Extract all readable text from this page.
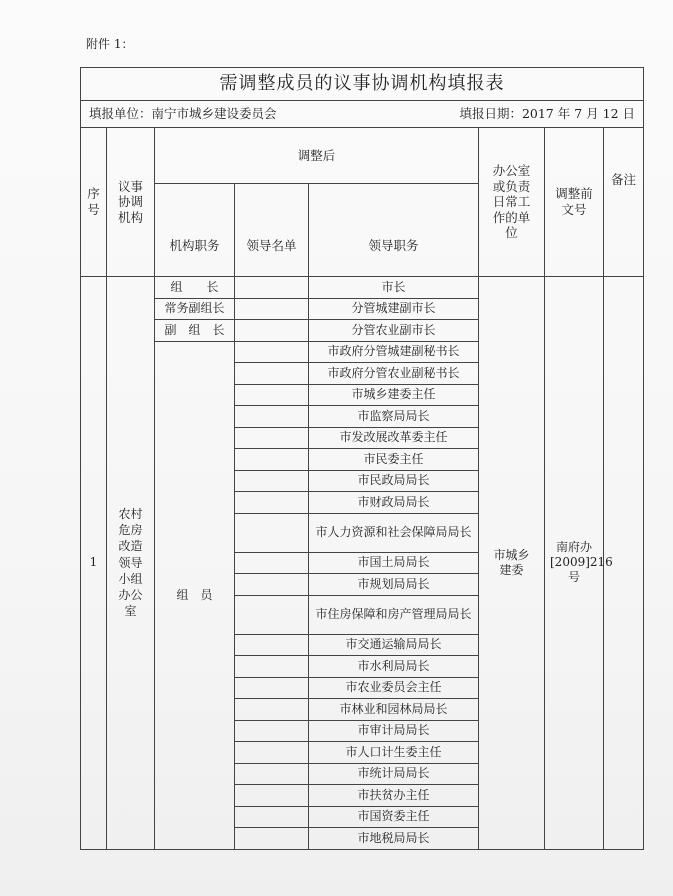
附件 1：
需调整成员的议事协调机构填报表							

填报单位：南宁市城乡建设委员会 填报日期：2017 年 7 月 12 日							

序号	议事协调机构	调整后			办公室或负责日常工作的单位	调整前文号	备注
		机构职务	领导名单	领导职务			
1	农村危房改造领导小组办公室	组　　长		市长	市城乡建委	南府办[2009]216 号	

		常务副组长		分管城建副市长			
		副　组　长		分管农业副市长			
		组　员		市政府分管城建副秘书长			
				市政府分管农业副秘书长			
				市城乡建委主任			
				市监察局局长			
				市发改展改革委主任			
				市民委主任			
				市民政局局长			
				市财政局局长			
				市人力资源和社会保障局局长			
				市国土局局长			
				市规划局局长			
				市住房保障和房产管理局局长			
				市交通运输局局长			
				市水利局局长			
				市农业委员会主任			
				市林业和园林局局长			
				市审计局局长			
				市人口计生委主任			
				市统计局局长			
				市扶贫办主任			
				市国资委主任			
				市地税局局长			
